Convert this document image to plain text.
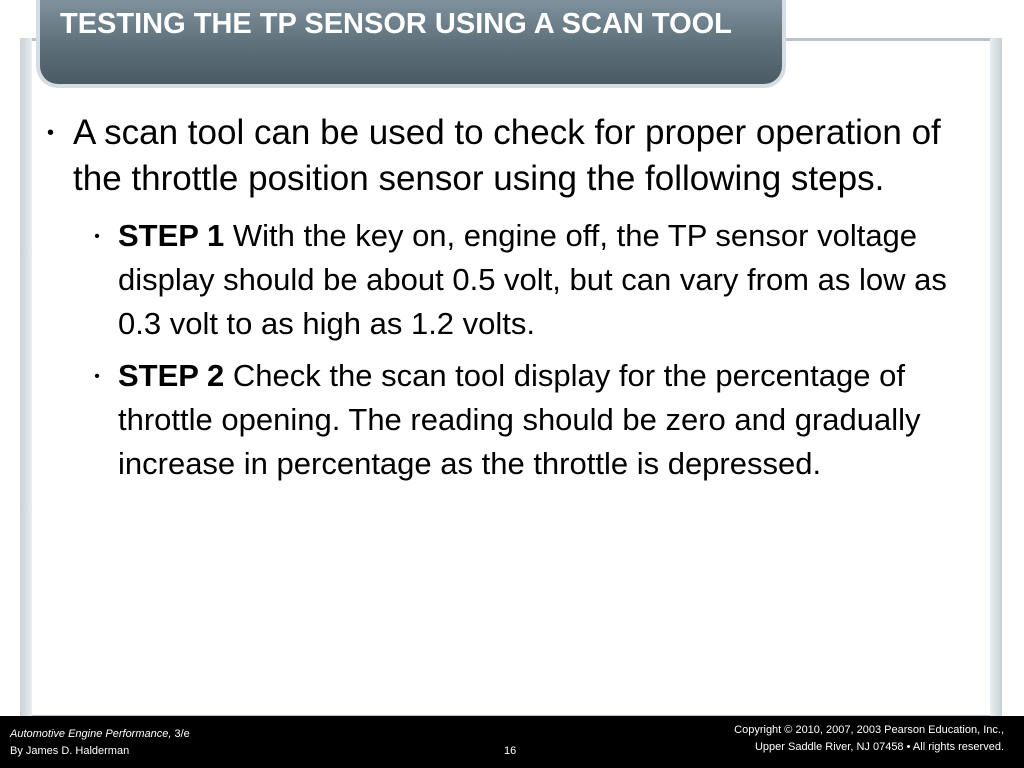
TESTING THE TP SENSOR USING A SCAN TOOL
• A scan tool can be used to check for proper operation of the throttle position sensor using the following steps.
• STEP 1 With the key on, engine off, the TP sensor voltage display should be about 0.5 volt, but can vary from as low as 0.3 volt to as high as 1.2 volts.
• STEP 2 Check the scan tool display for the percentage of throttle opening. The reading should be zero and gradually increase in percentage as the throttle is depressed.
Automotive Engine Performance, 3/e
By James D. Halderman	16
Copyright © 2010, 2007, 2003 Pearson Education, Inc.,
Upper Saddle River, NJ 07458 • All rights reserved.
